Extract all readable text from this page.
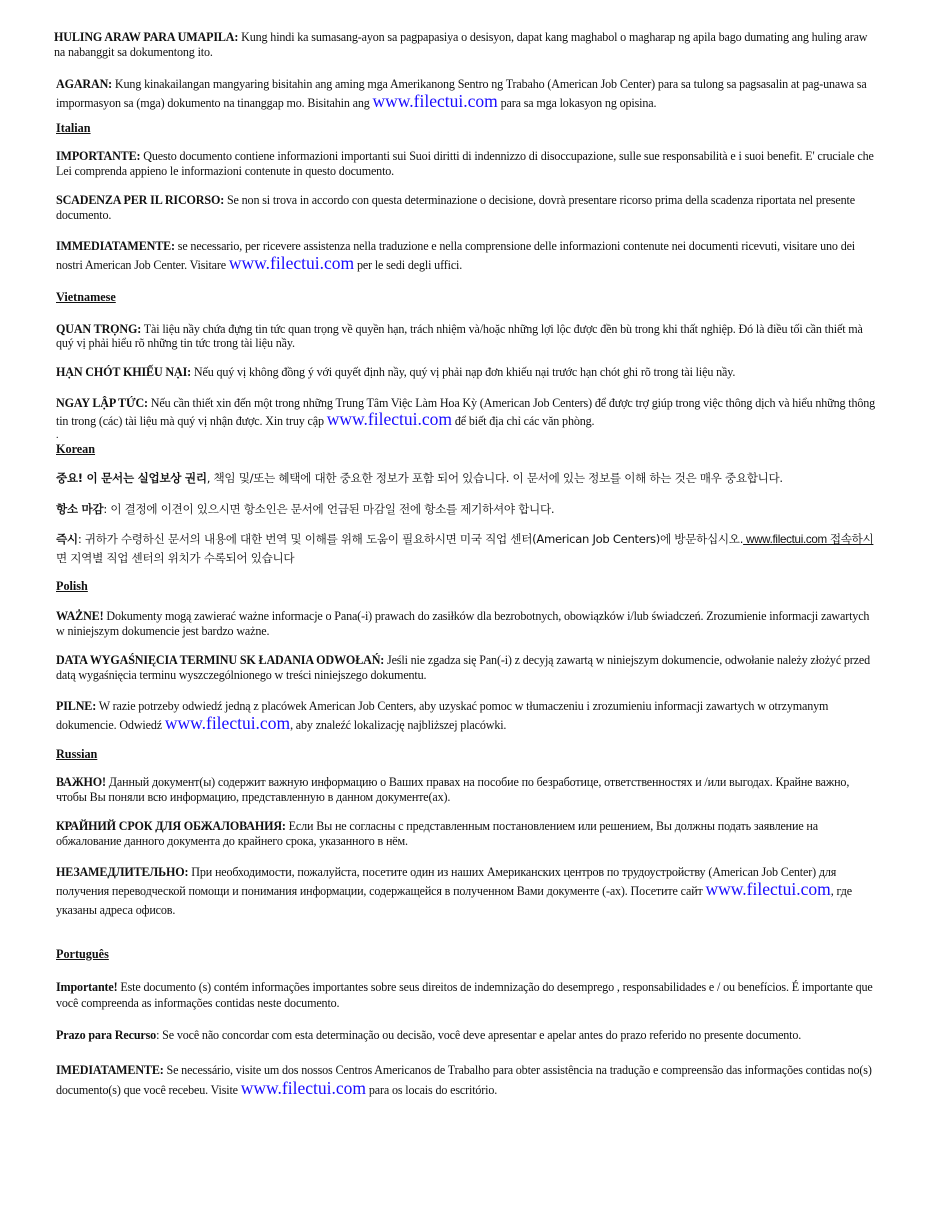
HULING ARAW PARA UMAPILA: Kung hindi ka sumasang-ayon sa pagpapasiya o desisyon, dapat kang maghabol o magharap ng apila bago dumating ang huling araw na nabanggit sa dokumentong ito.

AGARAN: Kung kinakailangan mangyaring bisitahin ang aming mga Amerikanong Sentro ng Trabaho (American Job Center) para sa tulong sa pagsasalin at pag-unawa sa impormasyon sa (mga) dokumento na tinanggap mo. Bisitahin ang www.filectui.com para sa mga lokasyon ng opisina.

Italian

IMPORTANTE: Questo documento contiene informazioni importanti sui Suoi diritti di indennizzo di disoccupazione, sulle sue responsabilità e i suoi benefit. E' cruciale che Lei comprenda appieno le informazioni contenute in questo documento.

SCADENZA PER IL RICORSO: Se non si trova in accordo con questa determinazione o decisione, dovrà presentare ricorso prima della scadenza riportata nel presente documento.

IMMEDIATAMENTE: se necessario, per ricevere assistenza nella traduzione e nella comprensione delle informazioni contenute nei documenti ricevuti, visitare uno dei nostri American Job Center. Visitare www.filectui.com per le sedi degli uffici.

Vietnamese

QUAN TRỌNG: Tài liệu nầy chứa đựng tin tức quan trọng về quyền hạn, trách nhiệm và/hoặc những lợi lộc được đền bù trong khi thất nghiệp. Đó là điều tối cần thiết mà quý vị phải hiểu rõ những tin tức trong tài liệu nầy.

HẠN CHÓT KHIẾU NẠI: Nếu quý vị không đồng ý với quyết định nầy, quý vị phải nạp đơn khiếu nại trước hạn chót ghi rõ trong tài liệu nầy.

NGAY LẬP TỨC: Nếu cần thiết xin đến một trong những Trung Tâm Việc Làm Hoa Kỳ (American Job Centers) để được trợ giúp trong việc thông dịch và hiểu những thông tin trong (các) tài liệu mà quý vị nhận được. Xin truy cập www.filectui.com để biết địa chỉ các văn phòng.

.

Korean

중요! 이 문서는 실업보상 권리, 책임 및/또는 혜택에 대한 중요한 정보가 포함 되어 있습니다. 이 문서에 있는 정보를 이해 하는 것은 매우 중요합니다.

항소 마감: 이 결정에 이견이 있으시면 항소인은 문서에 언급된 마감일 전에 항소를 제기하셔야 합니다.

즉시: 귀하가 수령하신 문서의 내용에 대한 번역 및 이해를 위해 도움이 필요하시면 미국 직업 센터(American Job Centers)에 방문하십시오. www.filectui.com 접속하시면 지역별 직업 센터의 위치가 수록되어 있습니다

Polish

WAŻNE! Dokumenty mogą zawierać ważne informacje o Pana(-i) prawach do zasiłków dla bezrobotnych, obowiązków i/lub świadczeń. Zrozumienie informacji zawartych w niniejszym dokumencie jest bardzo ważne.

DATA WYGAŚNIĘCIA TERMINU SK ŁADANIA ODWOŁAŃ: Jeśli nie zgadza się Pan(-i) z decyją zawartą w niniejszym dokumencie, odwołanie należy złożyć przed datą wygaśnięcia terminu wyszczególnionego w treści niniejszego dokumentu.

PILNE: W razie potrzeby odwiedź jedną z placówek American Job Centers, aby uzyskać pomoc w tłumaczeniu i zrozumieniu informacji zawartych w otrzymanym dokumencie. Odwiedź www.filectui.com, aby znaleźć lokalizację najbliższej placówki.

Russian

ВАЖНО! Данный документ(ы) содержит важную информацию о Ваших правах на пособие по безработице, ответственностях и /или выгодах. Крайне важно, чтобы Вы поняли всю информацию, представленную в данном документе(ах).

КРАЙНИЙ СРОК ДЛЯ ОБЖАЛОВАНИЯ: Если Вы не согласны с представленным постановлением или решением, Вы должны подать заявление на обжалование данного документа до крайнего срока, указанного в нём.

НЕЗАМЕДЛИТЕЛЬНО: При необходимости, пожалуйста, посетите один из наших Американских центров по трудоустройству (American Job Center) для получения переводческой помощи и понимания информации, содержащейся в полученном Вами документе (-ах). Посетите сайт www.filectui.com, где указаны адреса офисов.

Português

Importante! Este documento (s) contém informações importantes sobre seus direitos de indemnização do desemprego , responsabilidades e / ou benefícios. É importante que você compreenda as informações contidas neste documento.

Prazo para Recurso: Se você não concordar com esta determinação ou decisão, você deve apresentar e apelar antes do prazo referido no presente documento.

IMEDIATAMENTE: Se necessário, visite um dos nossos Centros Americanos de Trabalho para obter assistência na tradução e compreensão das informações contidas no(s) documento(s) que você recebeu. Visite www.filectui.com para os locais do escritório.
